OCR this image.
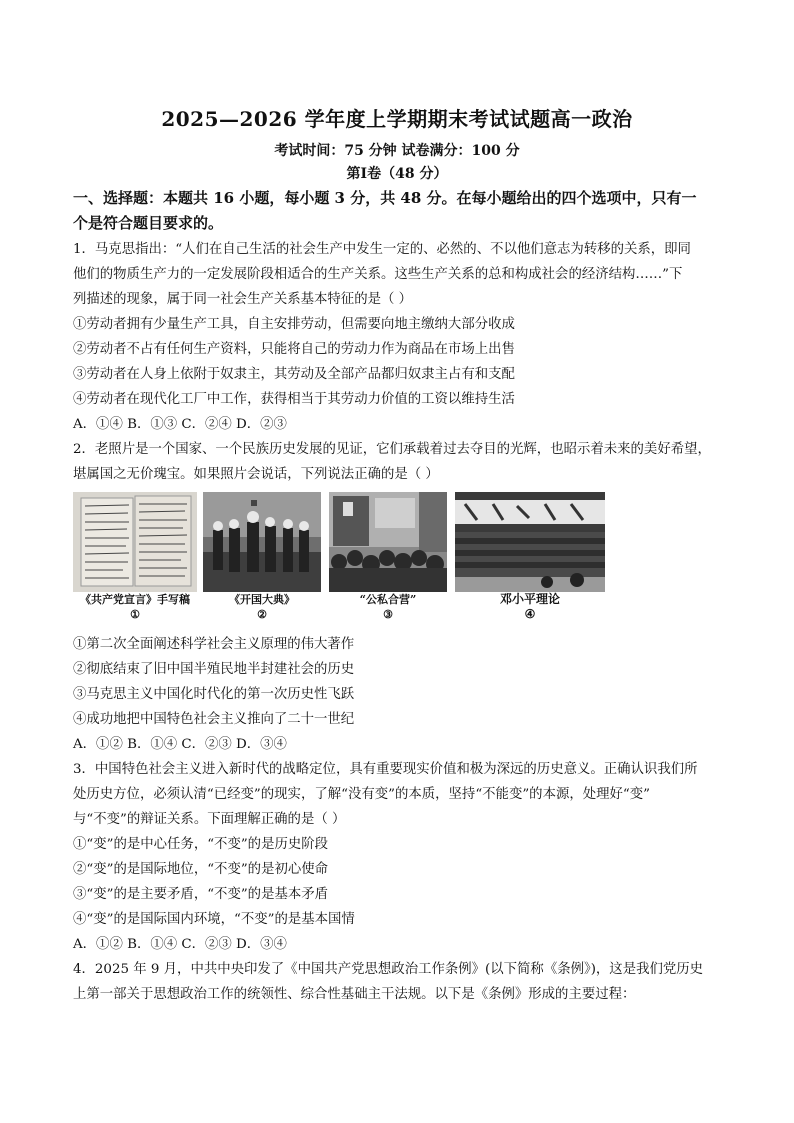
2025—2026 学年度上学期期末考试试题高一政治
考试时间：75 分钟 试卷满分：100 分
第Ⅰ卷（48 分）
一、选择题：本题共 16 小题，每小题 3 分，共 48 分。在每小题给出的四个选项中，只有一
个是符合题目要求的。
1．马克思指出：“人们在自己生活的社会生产中发生一定的、必然的、不以他们意志为转移的关系，即同
他们的物质生产力的一定发展阶段相适合的生产关系。这些生产关系的总和构成社会的经济结构……”下
列描述的现象，属于同一社会生产关系基本特征的是（ ）
①劳动者拥有少量生产工具，自主安排劳动，但需要向地主缴纳大部分收成
②劳动者不占有任何生产资料，只能将自己的劳动力作为商品在市场上出售
③劳动者在人身上依附于奴隶主，其劳动及全部产品都归奴隶主占有和支配
④劳动者在现代化工厂中工作，获得相当于其劳动力价值的工资以维持生活
A．①④ B．①③ C．②④ D．②③
2．老照片是一个国家、一个民族历史发展的见证，它们承载着过去夺目的光辉，也昭示着未来的美好希望，
堪属国之无价瑰宝。如果照片会说话，下列说法正确的是（ ）
《共产党宣言》手写稿
①
《开国大典》
②
“公私合营”
③
邓小平理论
④
①第二次全面阐述科学社会主义原理的伟大著作
②彻底结束了旧中国半殖民地半封建社会的历史
③马克思主义中国化时代化的第一次历史性飞跃
④成功地把中国特色社会主义推向了二十一世纪
A．①② B．①④ C．②③ D．③④
3．中国特色社会主义进入新时代的战略定位，具有重要现实价值和极为深远的历史意义。正确认识我们所
处历史方位，必须认清“已经变”的现实，了解“没有变”的本质，坚持“不能变”的本源，处理好“变”
与“不变”的辩证关系。下面理解正确的是（ ）
①“变”的是中心任务，“不变”的是历史阶段
②“变”的是国际地位，“不变”的是初心使命
③“变”的是主要矛盾，“不变”的是基本矛盾
④“变”的是国际国内环境，“不变”的是基本国情
A．①② B．①④ C．②③ D．③④
4．2025 年 9 月，中共中央印发了《中国共产党思想政治工作条例》(以下简称《条例》)，这是我们党历史
上第一部关于思想政治工作的统领性、综合性基础主干法规。以下是《条例》形成的主要过程：
